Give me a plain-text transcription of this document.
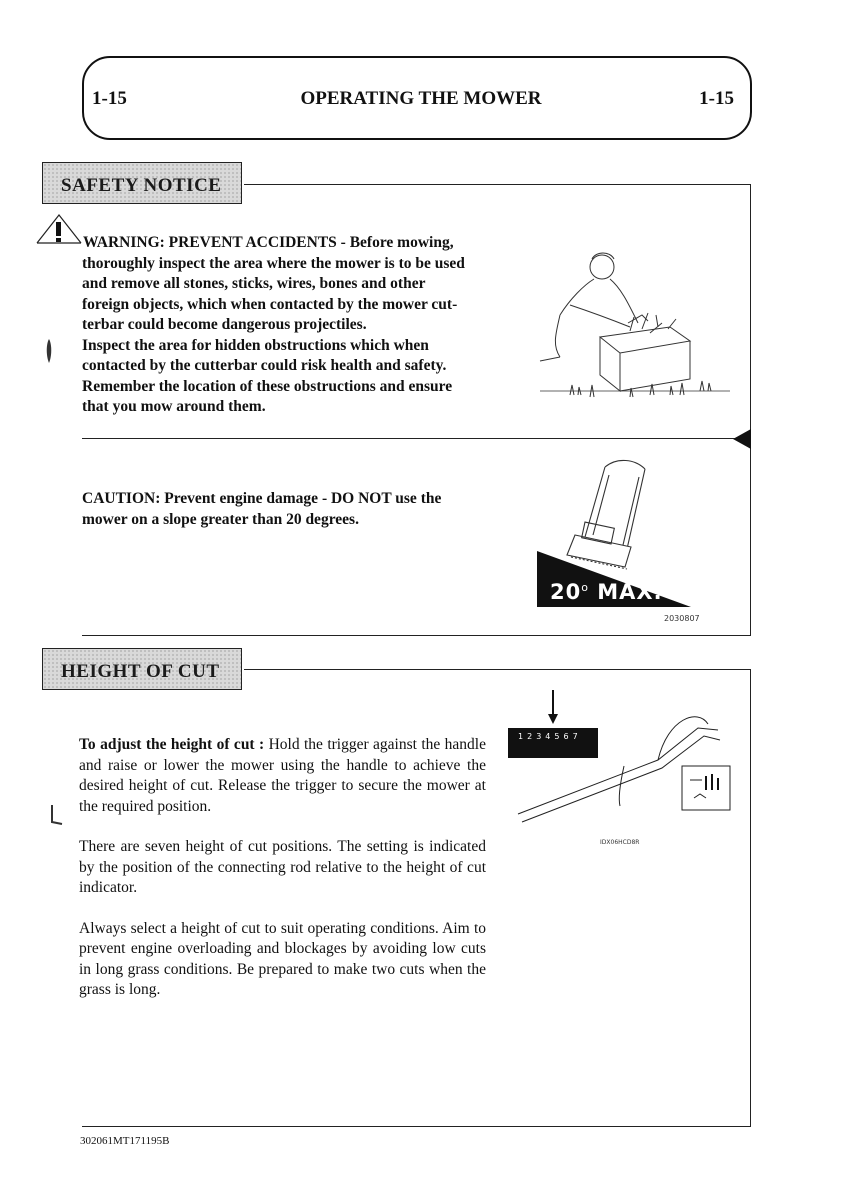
1-15	OPERATING THE MOWER	1-15
SAFETY NOTICE
WARNING: PREVENT ACCIDENTS - Before mowing,
thoroughly inspect the area where the mower is to be used
and remove all stones, sticks, wires, bones and other
foreign objects, which when contacted by the mower cut-
terbar could become dangerous projectiles.
Inspect the area for hidden obstructions which when
contacted by the cutterbar could risk health and safety.
Remember the location of these obstructions and ensure
that you mow around them.
CAUTION: Prevent engine damage - DO NOT use the
mower on a slope greater than 20 degrees.
20$^o$ MAX.
2030807
HEIGHT OF CUT

To adjust the height of cut : Hold the trigger against the handle and raise or lower the mower using the handle to achieve the desired height of cut. Release the trigger to secure the mower at the required position.

There are seven height of cut positions. The setting is indicated by the position of the connecting rod relative to the height of cut indicator.

Always select a height of cut to suit operating conditions. Aim to prevent engine overloading and blockages by avoiding low cuts in long grass conditions. Be prepared to make two cuts when the grass is long.

1234567
IDX06HCD8R
302061MT171195B
